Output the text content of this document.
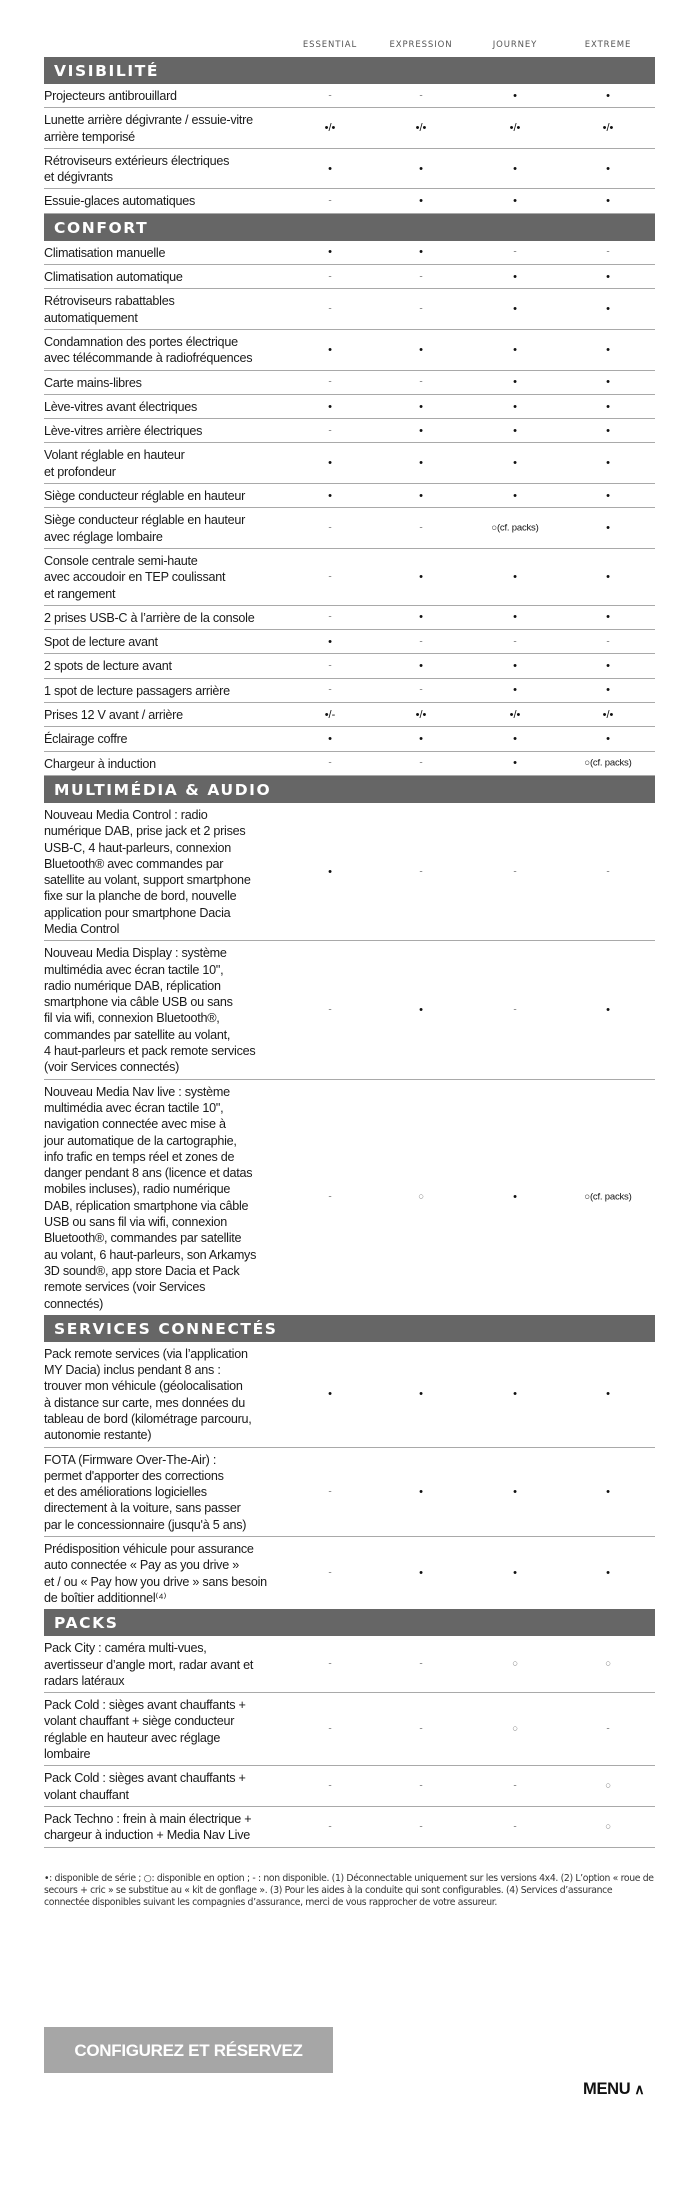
ESSENTIAL	EXPRESSION	JOURNEY	EXTREME
VISIBILITÉ
Projecteurs antibrouillard	-	-	•	•
Lunette arrière dégivrante / essuie-vitre
arrière temporisé
•/•	•/•	•/•	•/•
Rétroviseurs extérieurs électriques
et dégivrants
•	•	•	•
Essuie-glaces automatiques	-	•	•	•
CONFORT
Climatisation manuelle	•	•	-	-
Climatisation automatique	-	-	•	•
Rétroviseurs rabattables
automatiquement
-	-	•	•
Condamnation des portes électrique
avec télécommande à radiofréquences
•	•	•	•
Carte mains-libres	-	-	•	•
Lève-vitres avant électriques	•	•	•	•
Lève-vitres arrière électriques	-	•	•	•
Volant réglable en hauteur
et profondeur
•	•	•	•
Siège conducteur réglable en hauteur	•	•	•	•
Siège conducteur réglable en hauteur
avec réglage lombaire
-	-	○(cf. packs)	•
Console centrale semi-haute
avec accoudoir en TEP coulissant
et rangement
-	•	•	•
2 prises USB-C à l’arrière de la console	-	•	•	•
Spot de lecture avant	•	-	-	-
2 spots de lecture avant	-	•	•	•
1 spot de lecture passagers arrière	-	-	•	•
Prises 12 V avant / arrière	•/-	•/•	•/•	•/•
Éclairage coffre	•	•	•	•
Chargeur à induction	-	-	•	○(cf. packs)
MULTIMÉDIA & AUDIO
Nouveau Media Control : radio
numérique DAB, prise jack et 2 prises
USB-C, 4 haut-parleurs, connexion
Bluetooth® avec commandes par
satellite au volant, support smartphone
fixe sur la planche de bord, nouvelle
application pour smartphone Dacia
Media Control
•	-	-	-
Nouveau Media Display : système
multimédia avec écran tactile 10",
radio numérique DAB, réplication
smartphone via câble USB ou sans
fil via wifi, connexion Bluetooth®,
commandes par satellite au volant,
4 haut-parleurs et pack remote services
(voir Services connectés)
-	•	-	•
Nouveau Media Nav live : système
multimédia avec écran tactile 10",
navigation connectée avec mise à
jour automatique de la cartographie,
info trafic en temps réel et zones de
danger pendant 8 ans (licence et datas
mobiles incluses), radio numérique
DAB, réplication smartphone via câble
USB ou sans fil via wifi, connexion
Bluetooth®, commandes par satellite
au volant, 6 haut-parleurs, son Arkamys
3D sound®, app store Dacia et Pack
remote services (voir Services
connectés)
-	○	•	○(cf. packs)
SERVICES CONNECTÉS
Pack remote services (via l’application
MY Dacia) inclus pendant 8 ans :
trouver mon véhicule (géolocalisation
à distance sur carte, mes données du
tableau de bord (kilométrage parcouru,
autonomie restante)
•	•	•	•
FOTA (Firmware Over-The-Air) :
permet d'apporter des corrections
et des améliorations logicielles
directement à la voiture, sans passer
par le concessionnaire (jusqu'à 5 ans)
-	•	•	•
Prédisposition véhicule pour assurance
auto connectée « Pay as you drive »
et / ou « Pay how you drive » sans besoin
de boîtier additionnel⁽⁴⁾
-	•	•	•
PACKS
Pack City : caméra multi-vues,
avertisseur d’angle mort, radar avant et
radars latéraux
-	-	○	○
Pack Cold : sièges avant chauffants +
volant chauffant + siège conducteur
réglable en hauteur avec réglage
lombaire
-	-	○	-
Pack Cold : sièges avant chauffants +
volant chauffant
-	-	-	○
Pack Techno : frein à main électrique +
chargeur à induction + Media Nav Live
-	-	-	○
•: disponible de série ; ○: disponible en option ; - : non disponible. (1) Déconnectable uniquement sur les versions 4x4. (2) L’option « roue de secours + cric » se substitue au « kit de gonflage ». (3) Pour les aides à la conduite qui sont configurables. (4) Services d’assurance connectée disponibles suivant les compagnies d’assurance, merci de vous rapprocher de votre assureur.
CONFIGUREZ ET RÉSERVEZ
MENU ∧
